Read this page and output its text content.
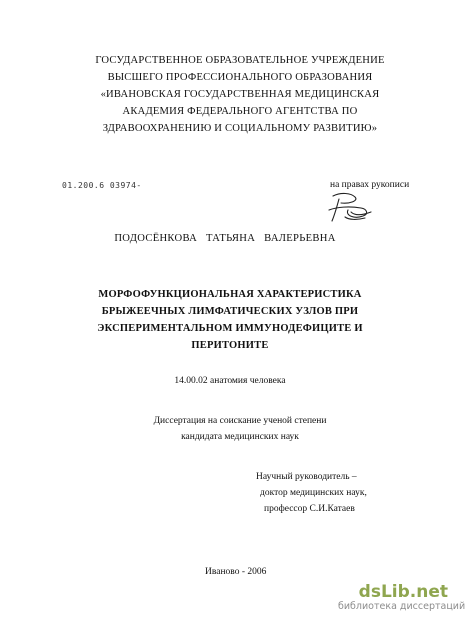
ГОСУДАРСТВЕННОЕ ОБРАЗОВАТЕЛЬНОЕ УЧРЕЖДЕНИЕ
ВЫСШЕГО ПРОФЕССИОНАЛЬНОГО ОБРАЗОВАНИЯ
«ИВАНОВСКАЯ ГОСУДАРСТВЕННАЯ МЕДИЦИНСКАЯ
АКАДЕМИЯ ФЕДЕРАЛЬНОГО АГЕНТСТВА ПО
ЗДРАВООХРАНЕНИЮ И СОЦИАЛЬНОМУ РАЗВИТИЮ»
01.200.6 03974-	на правах рукописи
ПОДОСЁНКОВА ТАТЬЯНА ВАЛЕРЬЕВНА
МОРФОФУНКЦИОНАЛЬНАЯ ХАРАКТЕРИСТИКА
БРЫЖЕЕЧНЫХ ЛИМФАТИЧЕСКИХ УЗЛОВ ПРИ
ЭКСПЕРИМЕНТАЛЬНОМ ИММУНОДЕФИЦИТЕ И
ПЕРИТОНИТЕ
14.00.02 анатомия человека
Диссертация на соискание ученой степени
кандидата медицинских наук
Научный руководитель –
доктор медицинских наук,
профессор С.И.Катаев
Иваново - 2006
dsLib.net
библиотека диссертаций
